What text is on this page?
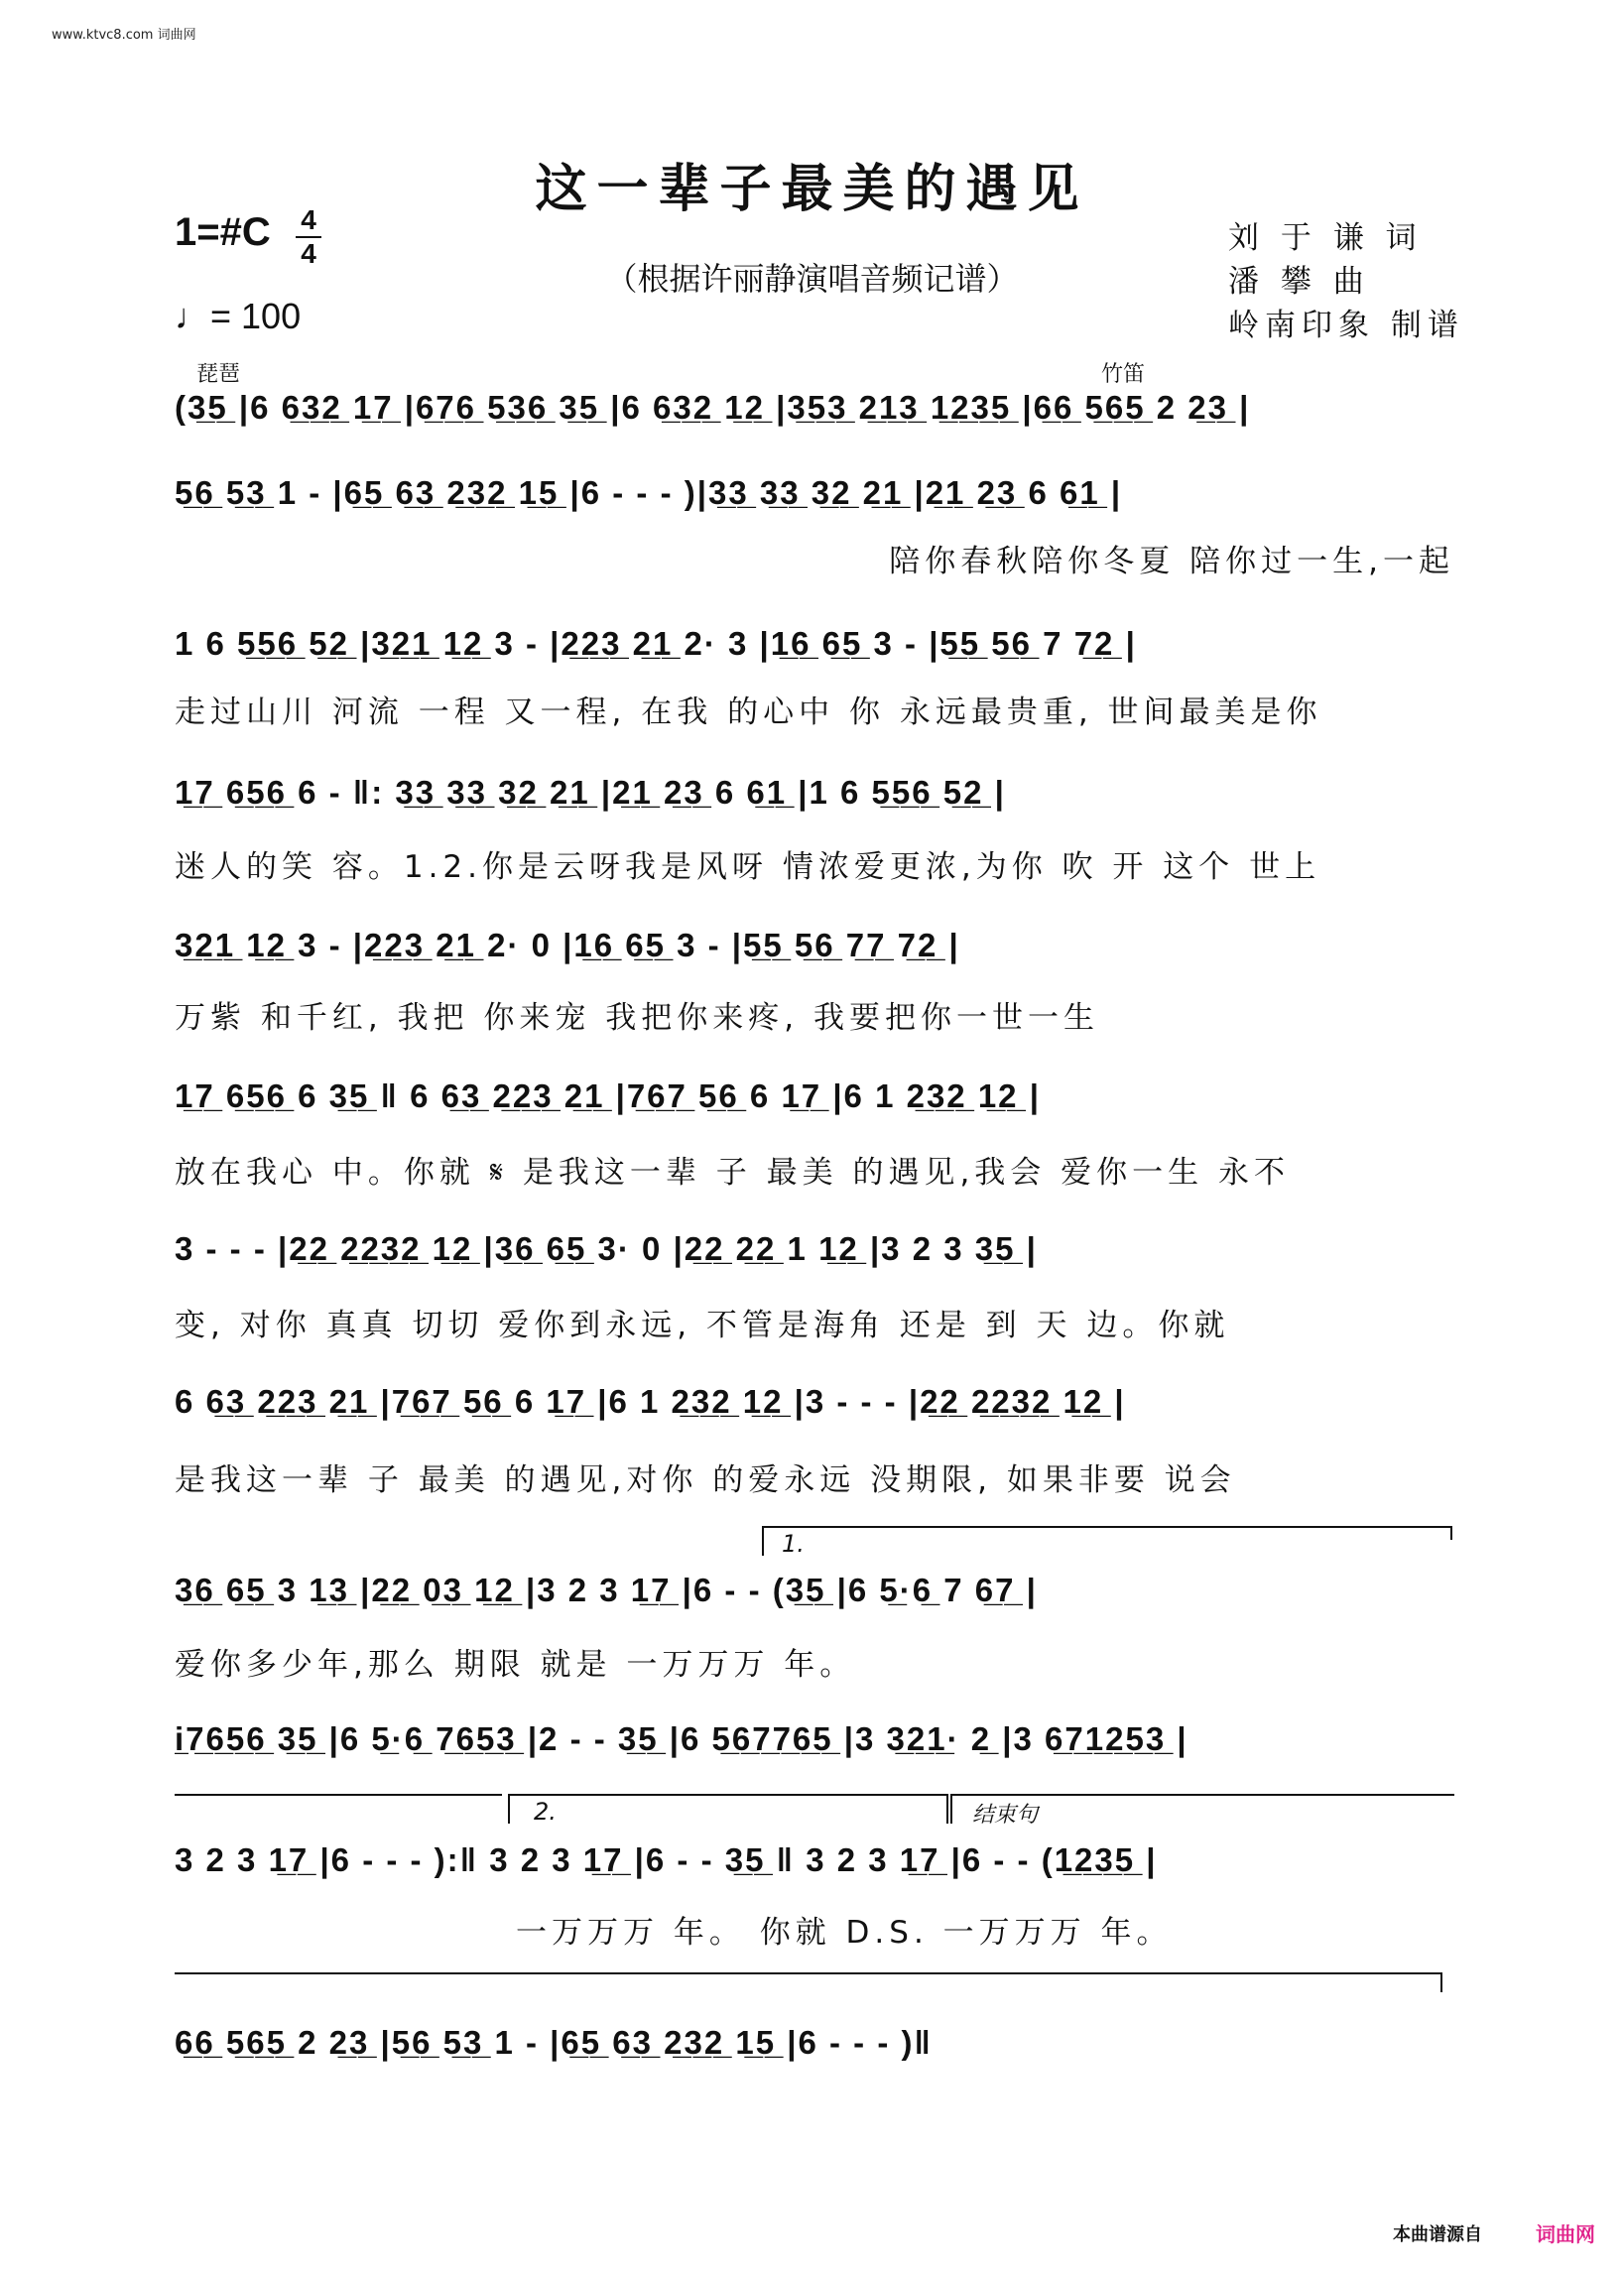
www.ktvc8.com 词曲网
这一辈子最美的遇见
1=#C 4
4
♩= 100
（根据许丽静演唱音频记谱）
刘 于 谦 词
潘 攀 曲
岭南印象 制谱
琵琶	竹笛
(3̲5̲ |6 6̲3̲2̲ 1̲7̲ |6̲7̲6̲ 5̲3̲6̲ 3̲5̲ |6 6̲3̲2̲ 1̲2̲ |3̲5̲3̲ 2̲1̲3̲ 1̲2̲3̲5̲ |6̲6̲ 5̲6̲5̲ 2 2̲3̲ |
5̲6̲ 5̲3̲ 1 - |6̲5̲ 6̲3̲ 2̲3̲2̲ 1̲5̲ |6 - - - )|3̲3̲ 3̲3̲ 3̲2̲ 2̲1̲ |2̲1̲ 2̲3̲ 6 6̲1̲ |
陪你春秋陪你冬夏 陪你过一生,一起
1 6 5̲5̲6̲ 5̲2̲ |3̲2̲1̲ 1̲2̲ 3 - |2̲2̲3̲ 2̲1̲ 2· 3 |1̲6̲ 6̲5̲ 3 - |5̲5̲ 5̲6̲ 7 7̲2̲ |
走过山川 河流 一程 又一程, 在我 的心中 你 永远最贵重, 世间最美是你
1̲7̲ 6̲5̲6̲ 6 - ‖: 3̲3̲ 3̲3̲ 3̲2̲ 2̲1̲ |2̲1̲ 2̲3̲ 6 6̲1̲ |1 6 5̲5̲6̲ 5̲2̲ |
迷人的笑 容。1.2.你是云呀我是风呀 情浓爱更浓,为你 吹 开 这个 世上
3̲2̲1̲ 1̲2̲ 3 - |2̲2̲3̲ 2̲1̲ 2· 0 |1̲6̲ 6̲5̲ 3 - |5̲5̲ 5̲6̲ 7̲7̲ 7̲2̲ |
万紫 和千红, 我把 你来宠 我把你来疼, 我要把你一世一生
1̲7̲ 6̲5̲6̲ 6 3̲5̲ ‖ 6 6̲3̲ 2̲2̲3̲ 2̲1̲ |7̲6̲7̲ 5̲6̲ 6 1̲7̲ |6 1 2̲3̲2̲ 1̲2̲ |
放在我心 中。你就 𝄋 是我这一辈 子 最美 的遇见,我会 爱你一生 永不
3 - - - |2̲2̲ 2̲2̲3̲2̲ 1̲2̲ |3̲6̲ 6̲5̲ 3· 0 |2̲2̲ 2̲2̲ 1 1̲2̲ |3 2 3 3̲5̲ |
变, 对你 真真 切切 爱你到永远, 不管是海角 还是 到 天 边。你就
6 6̲3̲ 2̲2̲3̲ 2̲1̲ |7̲6̲7̲ 5̲6̲ 6 1̲7̲ |6 1 2̲3̲2̲ 1̲2̲ |3 - - - |2̲2̲ 2̲2̲3̲2̲ 1̲2̲ |
是我这一辈 子 最美 的遇见,对你 的爱永远 没期限, 如果非要 说会
1.
3̲6̲ 6̲5̲ 3 1̲3̲ |2̲2̲ 0̲3̲ 1̲2̲ |3 2 3 1̲7̲ |6 - - (3̲5̲ |6 5̲·6̲ 7 6̲7̲ |
爱你多少年,那么 期限 就是 一万万万 年。
i̲7̲6̲5̲6̲ 3̲5̲ |6 5̲·6̲ 7̲6̲5̲3̲ |2 - - 3̲5̲ |6 5̲6̲7̲7̲6̲5̲ |3 3̲2̲1̲· 2̲ |3 6̲7̲1̲2̲5̲3̲ |
2.	结束句
3 2 3 1̲7̲ |6 - - - ):‖ 3 2 3 1̲7̲ |6 - - 3̲5̲ ‖ 3 2 3 1̲7̲ |6 - - (1̲2̲3̲5̲ |
一万万万 年。 你就 D.S. 一万万万 年。
6̲6̲ 5̲6̲5̲ 2 2̲3̲ |5̲6̲ 5̲3̲ 1 - |6̲5̲ 6̲3̲ 2̲3̲2̲ 1̲5̲ |6 - - - )‖
本曲谱源自	词曲网
